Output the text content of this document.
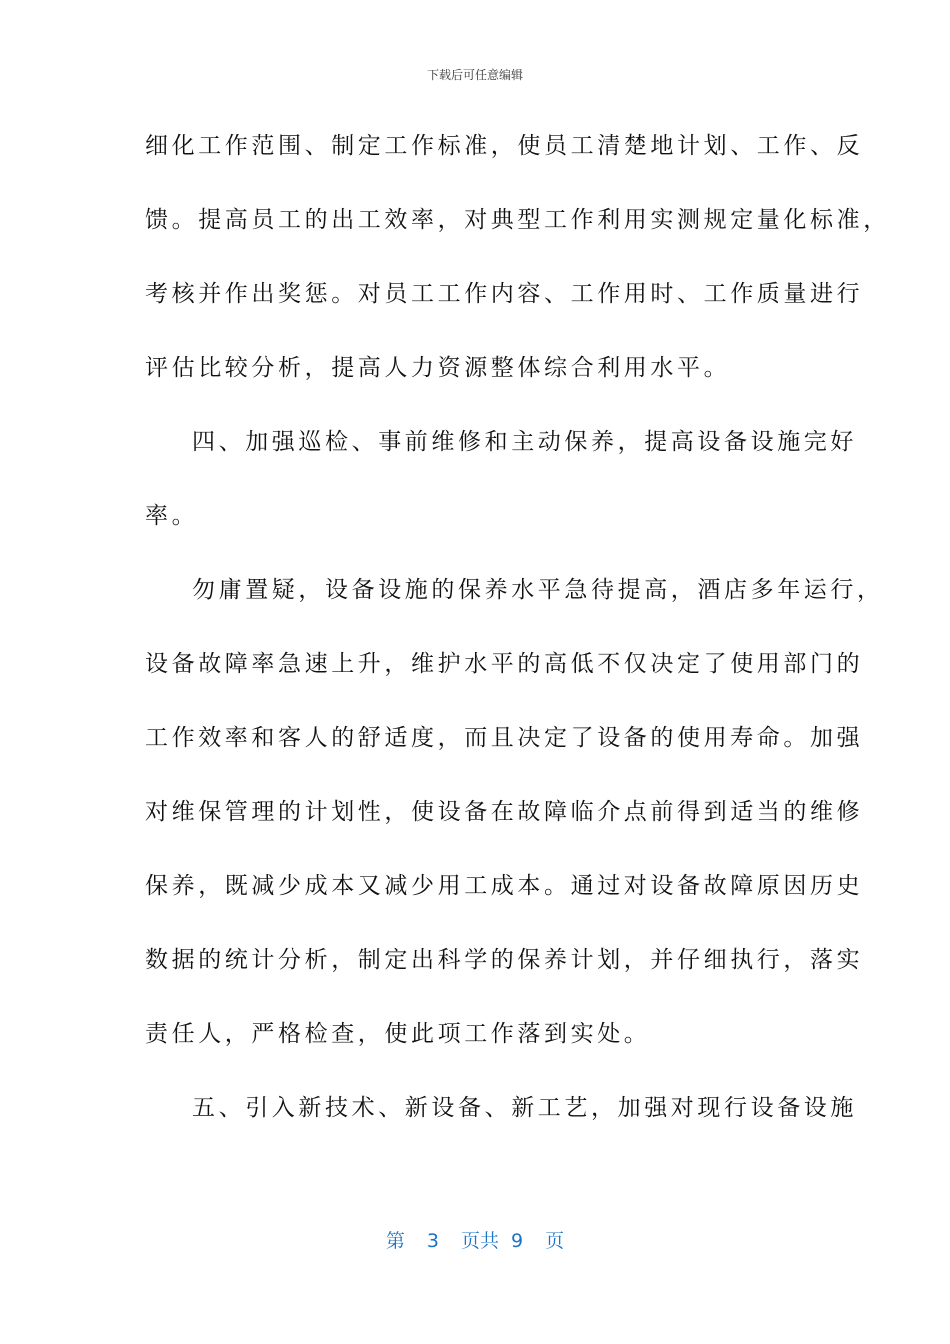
下载后可任意编辑
细化工作范围、制定工作标准，使员工清楚地计划、工作、反
馈。提高员工的出工效率，对典型工作利用实测规定量化标准，
考核并作出奖惩。对员工工作内容、工作用时、工作质量进行
评估比较分析，提高人力资源整体综合利用水平。
四、加强巡检、事前维修和主动保养，提高设备设施完好
率。
勿庸置疑，设备设施的保养水平急待提高，酒店多年运行，
设备故障率急速上升，维护水平的高低不仅决定了使用部门的
工作效率和客人的舒适度，而且决定了设备的使用寿命。加强
对维保管理的计划性，使设备在故障临介点前得到适当的维修
保养，既减少成本又减少用工成本。通过对设备故障原因历史
数据的统计分析，制定出科学的保养计划，并仔细执行，落实
责任人，严格检查，使此项工作落到实处。
五、引入新技术、新设备、新工艺，加强对现行设备设施
第 3 页共 9 页
